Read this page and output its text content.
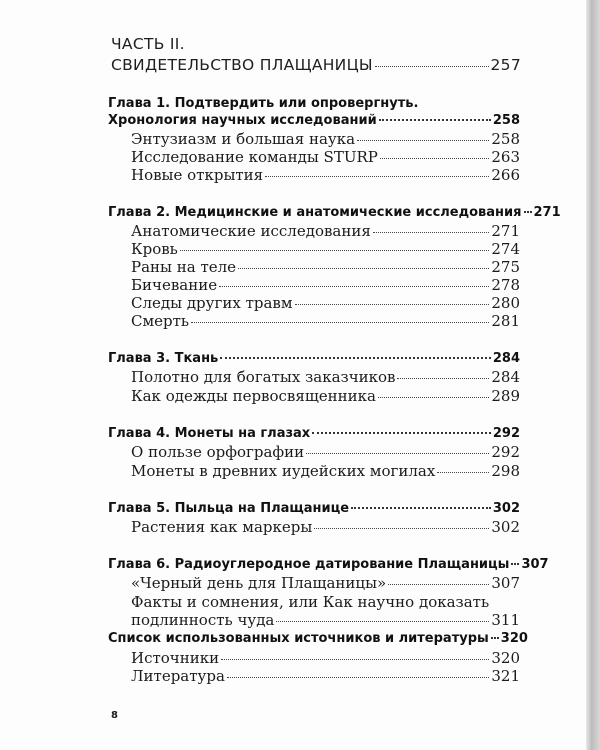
ЧАСТЬ II.
СВИДЕТЕЛЬСТВО ПЛАЩАНИЦЫ	257
Глава 1. Подтвердить или опровергнуть.
Хронология научных исследований	258
Энтузиазм и большая наука	258
Исследование команды STURP	263
Новые открытия	266
Глава 2. Медицинские и анатомические исследования 271
Анатомические исследования	271
Кровь	274
Раны на теле	275
Бичевание	278
Следы других травм	280
Смерть	281
Глава 3. Ткань	284
Полотно для богатых заказчиков	284
Как одежды первосвященника	289
Глава 4. Монеты на глазах	292
О пользе орфографии	292
Монеты в древних иудейских могилах	298
Глава 5. Пыльца на Плащанице	302
Растения как маркеры	302
Глава 6. Радиоуглеродное датирование Плащаницы 307
«Черный день для Плащаницы»	307
Факты и сомнения, или Как научно доказать
подлинность чуда	311
Список использованных источников и литературы 320
Источники	320
Литература	321
8
